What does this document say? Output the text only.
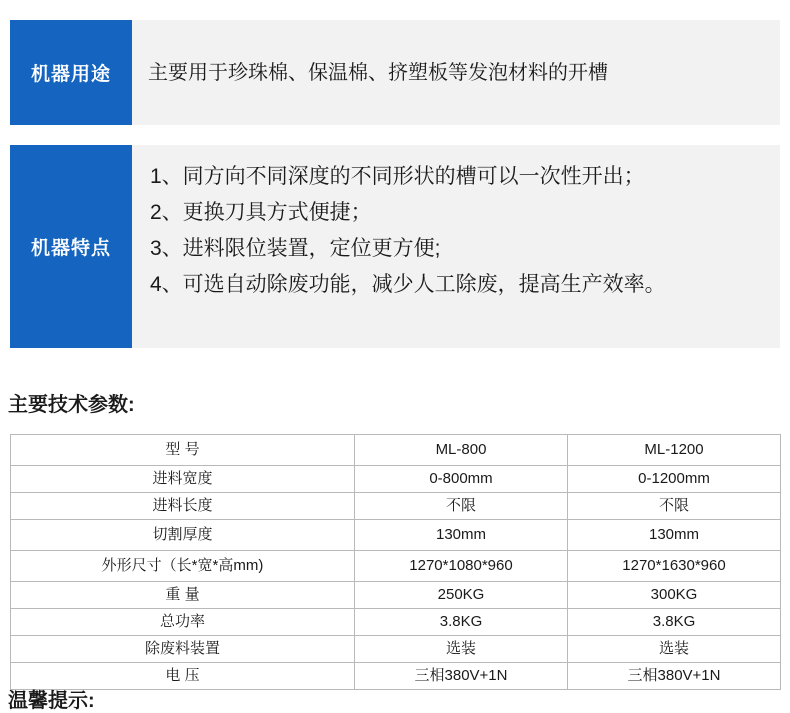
机器用途	主要用于珍珠棉、保温棉、挤塑板等发泡材料的开槽
机器特点
1、同方向不同深度的不同形状的槽可以一次性开出；
2、更换刀具方式便捷；
3、进料限位装置，定位更方便;
4、可选自动除废功能，减少人工除废，提高生产效率。
主要技术参数:
型 号	ML-800	ML-1200
进料宽度	0-800mm	0-1200mm
进料长度	不限	不限
切割厚度	130mm	130mm
外形尺寸（长*宽*高mm)	1270*1080*960	1270*1630*960
重 量	250KG	300KG
总功率	3.8KG	3.8KG
除废料装置	选装	选装
电 压	三相380V+1N	三相380V+1N
温馨提示:
